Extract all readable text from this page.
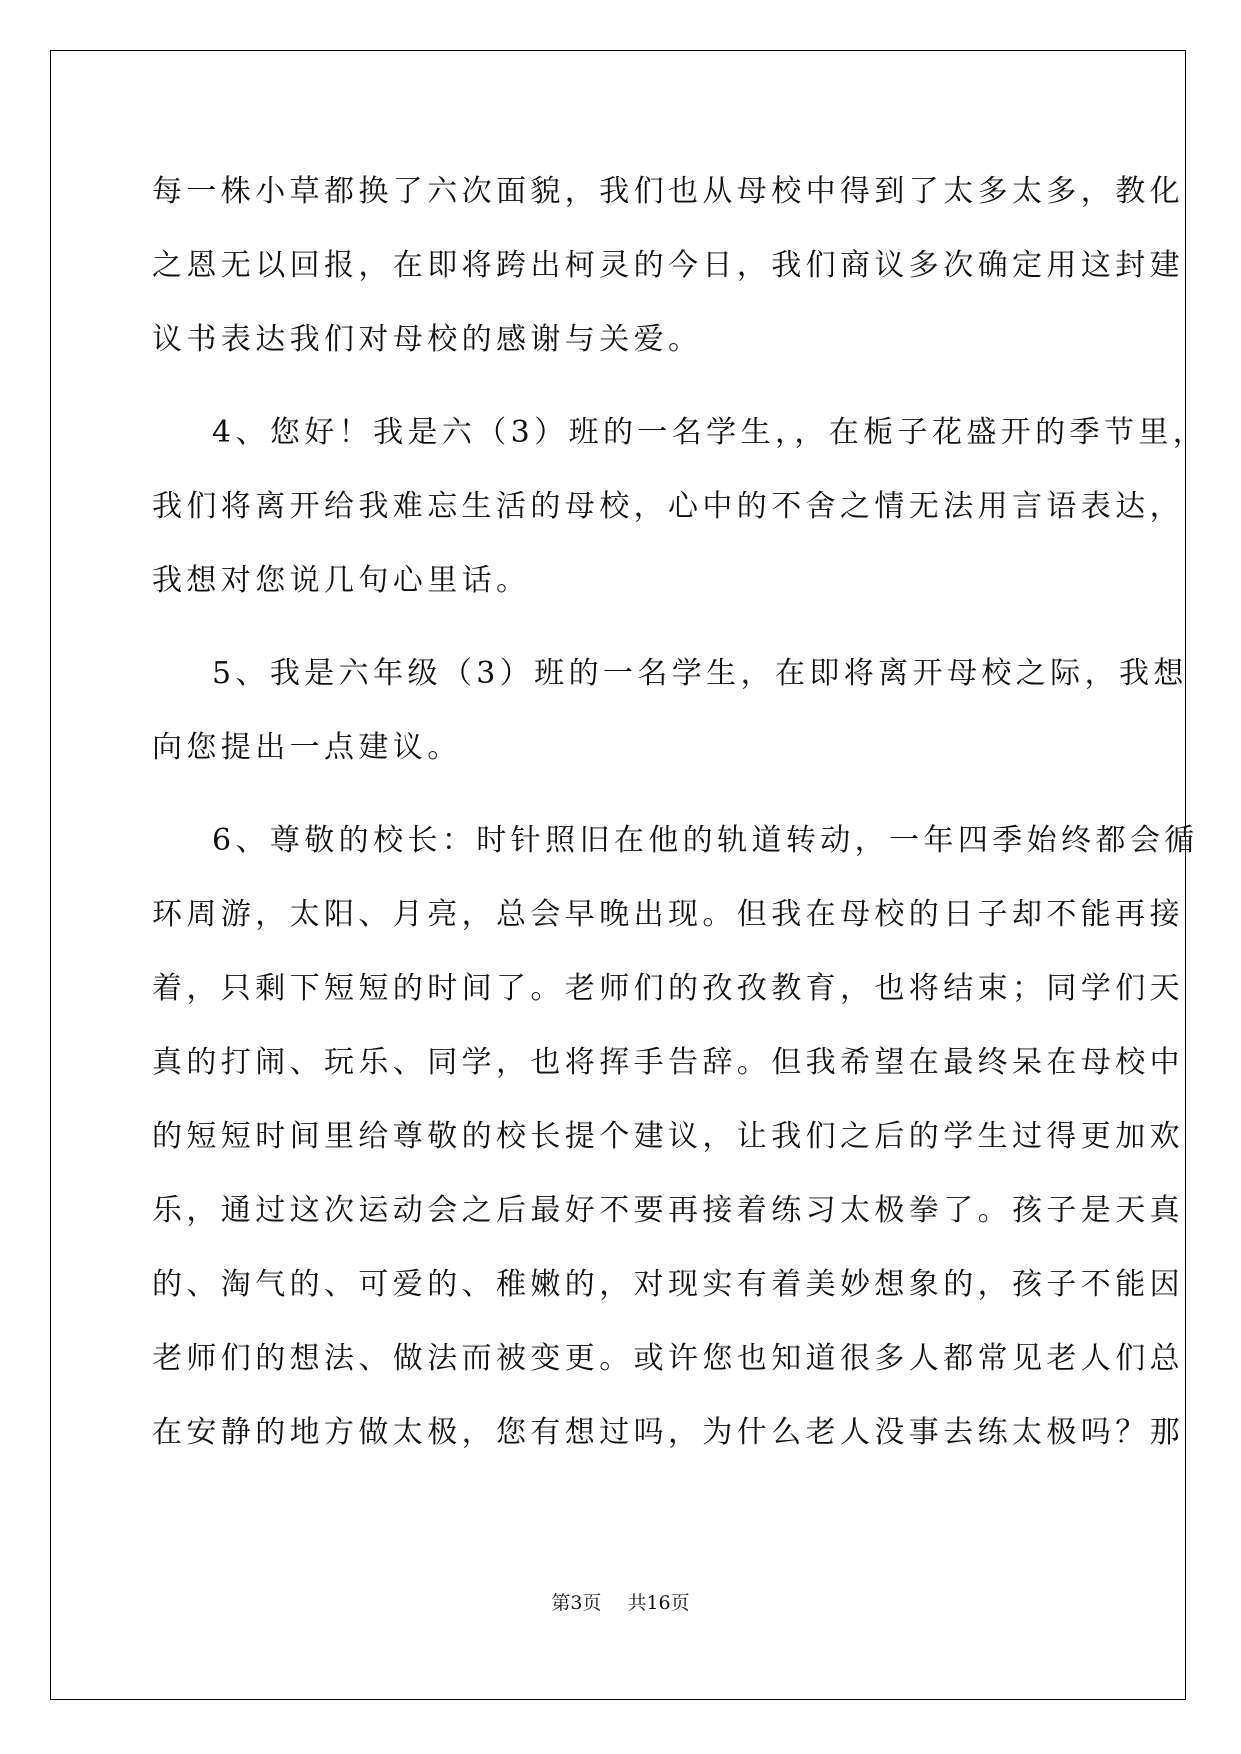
每一株小草都换了六次面貌，我们也从母校中得到了太多太多，教化
之恩无以回报，在即将跨出柯灵的今日，我们商议多次确定用这封建
议书表达我们对母校的感谢与关爱。
4、您好！我是六（3）班的一名学生，，在栀子花盛开的季节里，
我们将离开给我难忘生活的母校，心中的不舍之情无法用言语表达，
我想对您说几句心里话。
5、我是六年级（3）班的一名学生，在即将离开母校之际，我想
向您提出一点建议。
6、尊敬的校长：时针照旧在他的轨道转动，一年四季始终都会循
环周游，太阳、月亮，总会早晚出现。但我在母校的日子却不能再接
着，只剩下短短的时间了。老师们的孜孜教育，也将结束；同学们天
真的打闹、玩乐、同学，也将挥手告辞。但我希望在最终呆在母校中
的短短时间里给尊敬的校长提个建议，让我们之后的学生过得更加欢
乐，通过这次运动会之后最好不要再接着练习太极拳了。孩子是天真
的、淘气的、可爱的、稚嫩的，对现实有着美妙想象的，孩子不能因
老师们的想法、做法而被变更。或许您也知道很多人都常见老人们总
在安静的地方做太极，您有想过吗，为什么老人没事去练太极吗？那
第3页 共16页
